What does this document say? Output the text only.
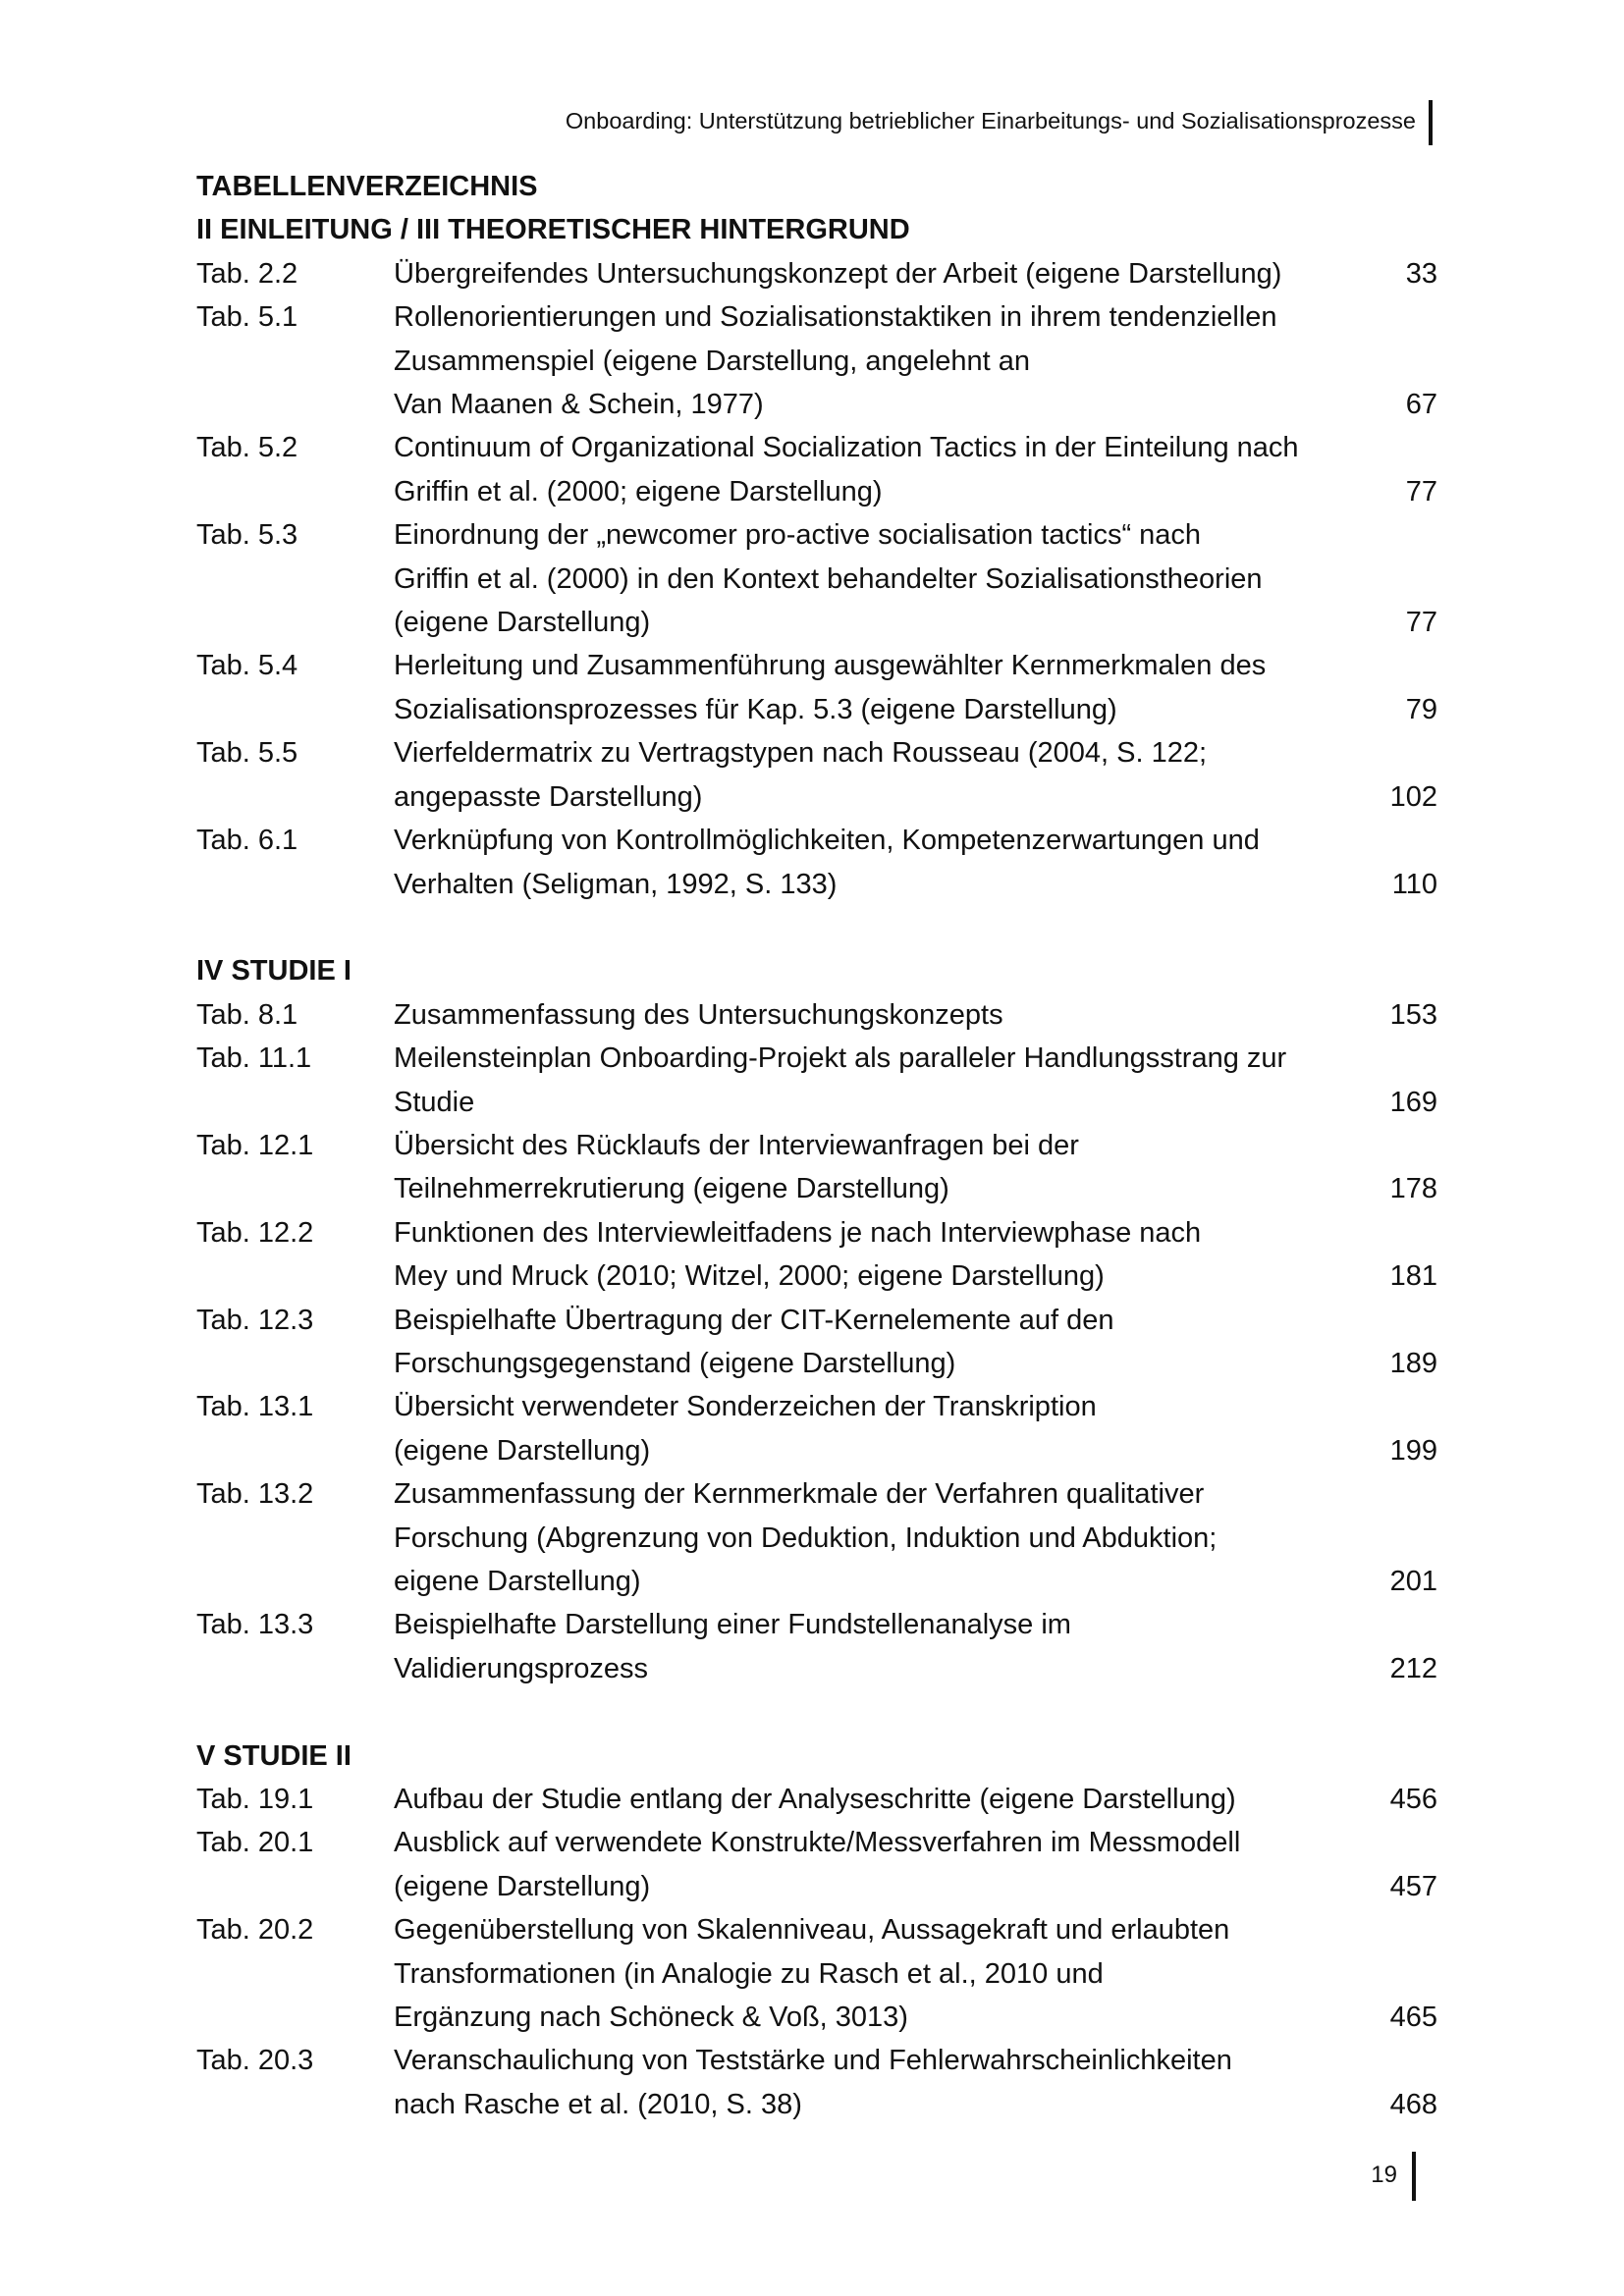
Onboarding: Unterstützung betrieblicher Einarbeitungs- und Sozialisationsprozesse
TABELLENVERZEICHNIS
II EINLEITUNG / III THEORETISCHER HINTERGRUND
Tab. 2.2	Übergreifendes Untersuchungskonzept der Arbeit (eigene Darstellung)	33
Tab. 5.1	Rollenorientierungen und Sozialisationstaktiken in ihrem tendenziellen
Zusammenspiel (eigene Darstellung, angelehnt an
Van Maanen & Schein, 1977)	67
Tab. 5.2	Continuum of Organizational Socialization Tactics in der Einteilung nach
Griffin et al. (2000; eigene Darstellung)	77
Tab. 5.3	Einordnung der „newcomer pro-active socialisation tactics“ nach
Griffin et al. (2000) in den Kontext behandelter Sozialisationstheorien
(eigene Darstellung)	77
Tab. 5.4	Herleitung und Zusammenführung ausgewählter Kernmerkmalen des
Sozialisationsprozesses für Kap. 5.3 (eigene Darstellung)	79
Tab. 5.5	Vierfeldermatrix zu Vertragstypen nach Rousseau (2004, S. 122;
angepasste Darstellung)	102
Tab. 6.1	Verknüpfung von Kontrollmöglichkeiten, Kompetenzerwartungen und
Verhalten (Seligman, 1992, S. 133)	110
IV STUDIE I
Tab. 8.1	Zusammenfassung des Untersuchungskonzepts	153
Tab. 11.1	Meilensteinplan Onboarding-Projekt als paralleler Handlungsstrang zur
Studie	169
Tab. 12.1	Übersicht des Rücklaufs der Interviewanfragen bei der
Teilnehmerrekrutierung (eigene Darstellung)	178
Tab. 12.2	Funktionen des Interviewleitfadens je nach Interviewphase nach
Mey und Mruck (2010; Witzel, 2000; eigene Darstellung)	181
Tab. 12.3	Beispielhafte Übertragung der CIT-Kernelemente auf den
Forschungsgegenstand (eigene Darstellung)	189
Tab. 13.1	Übersicht verwendeter Sonderzeichen der Transkription
(eigene Darstellung)	199
Tab. 13.2	Zusammenfassung der Kernmerkmale der Verfahren qualitativer
Forschung (Abgrenzung von Deduktion, Induktion und Abduktion;
eigene Darstellung)	201
Tab. 13.3	Beispielhafte Darstellung einer Fundstellenanalyse im
Validierungsprozess	212
V STUDIE II
Tab. 19.1	Aufbau der Studie entlang der Analyseschritte (eigene Darstellung)	456
Tab. 20.1	Ausblick auf verwendete Konstrukte/Messverfahren im Messmodell
(eigene Darstellung)	457
Tab. 20.2	Gegenüberstellung von Skalenniveau, Aussagekraft und erlaubten
Transformationen (in Analogie zu Rasch et al., 2010 und
Ergänzung nach Schöneck & Voß, 3013)	465
Tab. 20.3	Veranschaulichung von Teststärke und Fehlerwahrscheinlichkeiten
nach Rasche et al. (2010, S. 38)	468
19
